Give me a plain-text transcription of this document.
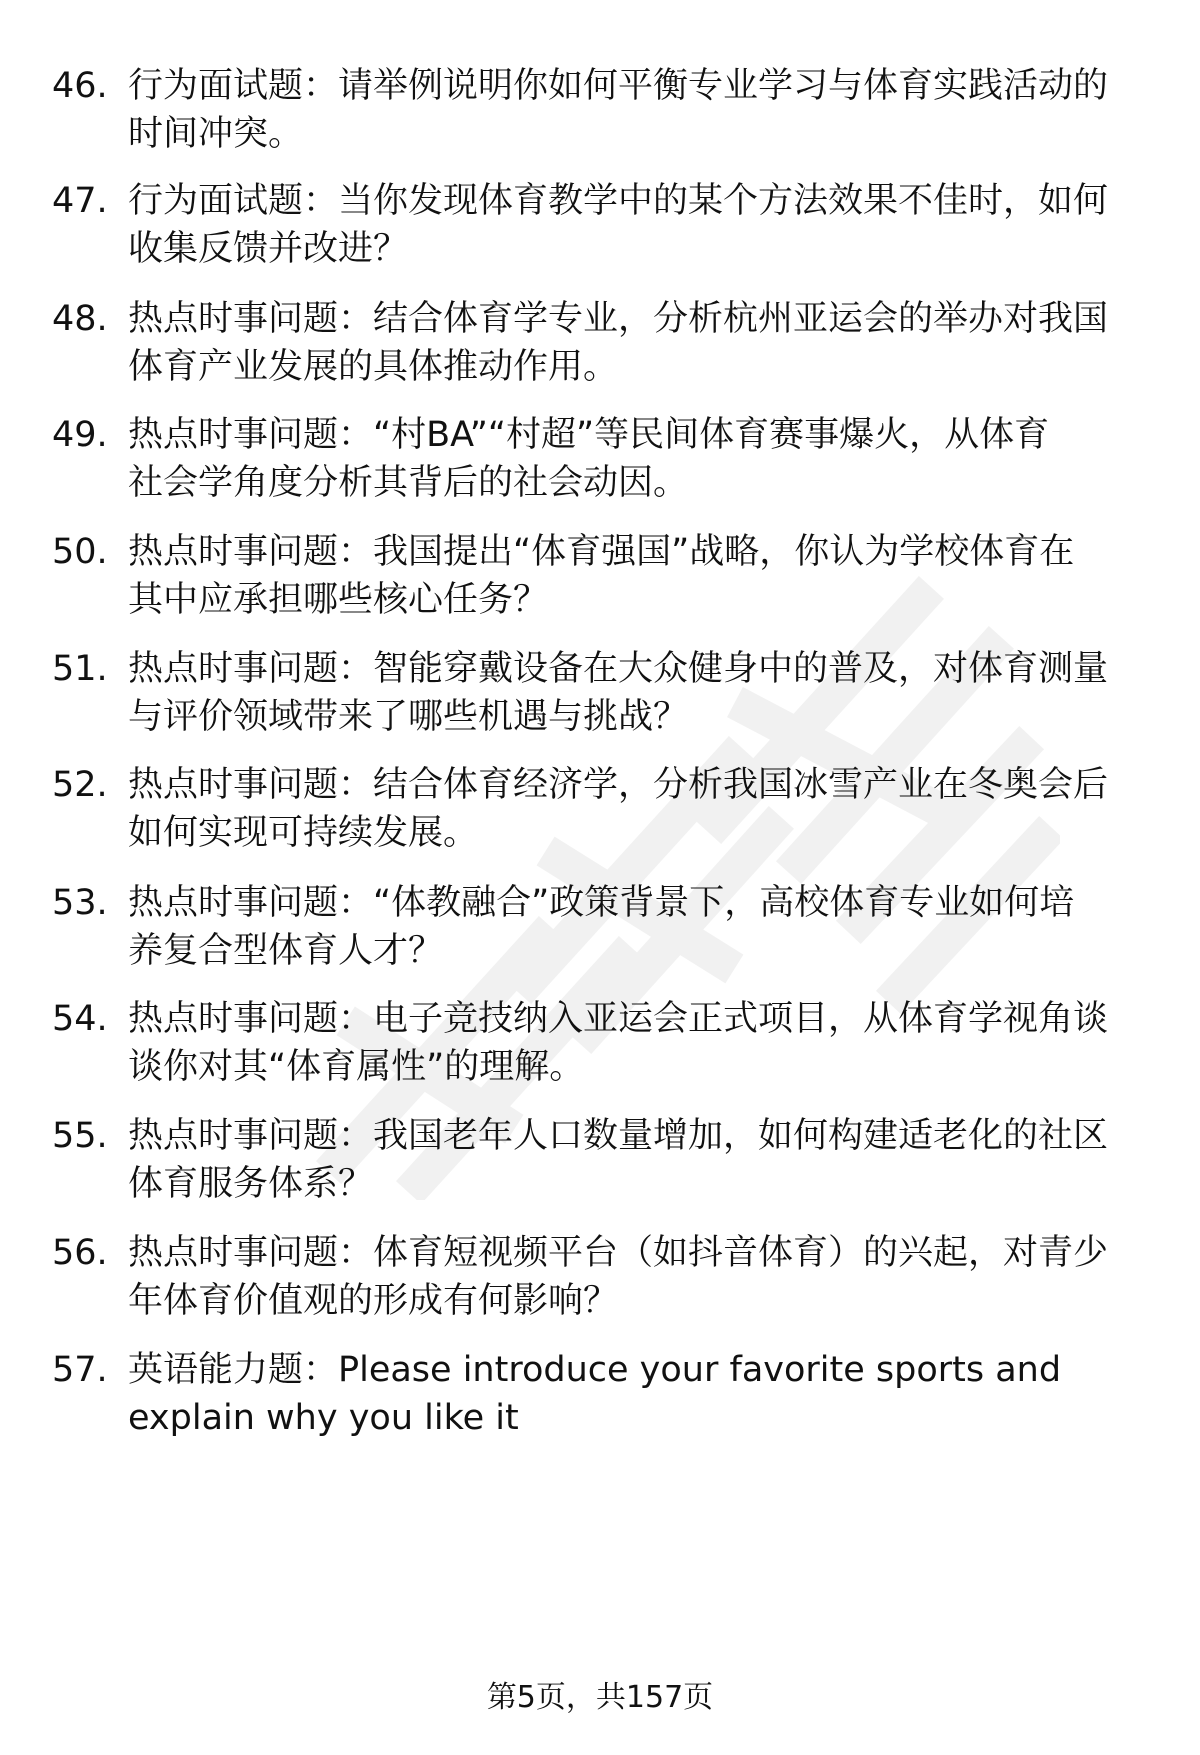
46. 行为面试题：请举例说明你如何平衡专业学习与体育实践活动的
时间冲突。
47. 行为面试题：当你发现体育教学中的某个方法效果不佳时，如何
收集反馈并改进？
48. 热点时事问题：结合体育学专业，分析杭州亚运会的举办对我国
体育产业发展的具体推动作用。
49. 热点时事问题：“村BA”“村超”等民间体育赛事爆火，从体育
社会学角度分析其背后的社会动因。
50. 热点时事问题：我国提出“体育强国”战略，你认为学校体育在
其中应承担哪些核心任务？
51. 热点时事问题：智能穿戴设备在大众健身中的普及，对体育测量
与评价领域带来了哪些机遇与挑战？
52. 热点时事问题：结合体育经济学，分析我国冰雪产业在冬奥会后
如何实现可持续发展。
53. 热点时事问题：“体教融合”政策背景下，高校体育专业如何培
养复合型体育人才？
54. 热点时事问题：电子竞技纳入亚运会正式项目，从体育学视角谈
谈你对其“体育属性”的理解。
55. 热点时事问题：我国老年人口数量增加，如何构建适老化的社区
体育服务体系？
56. 热点时事问题：体育短视频平台（如抖音体育）的兴起，对青少
年体育价值观的形成有何影响？
57. 英语能力题：Please introduce your favorite sports and
explain why you like it
第5页，共157页
